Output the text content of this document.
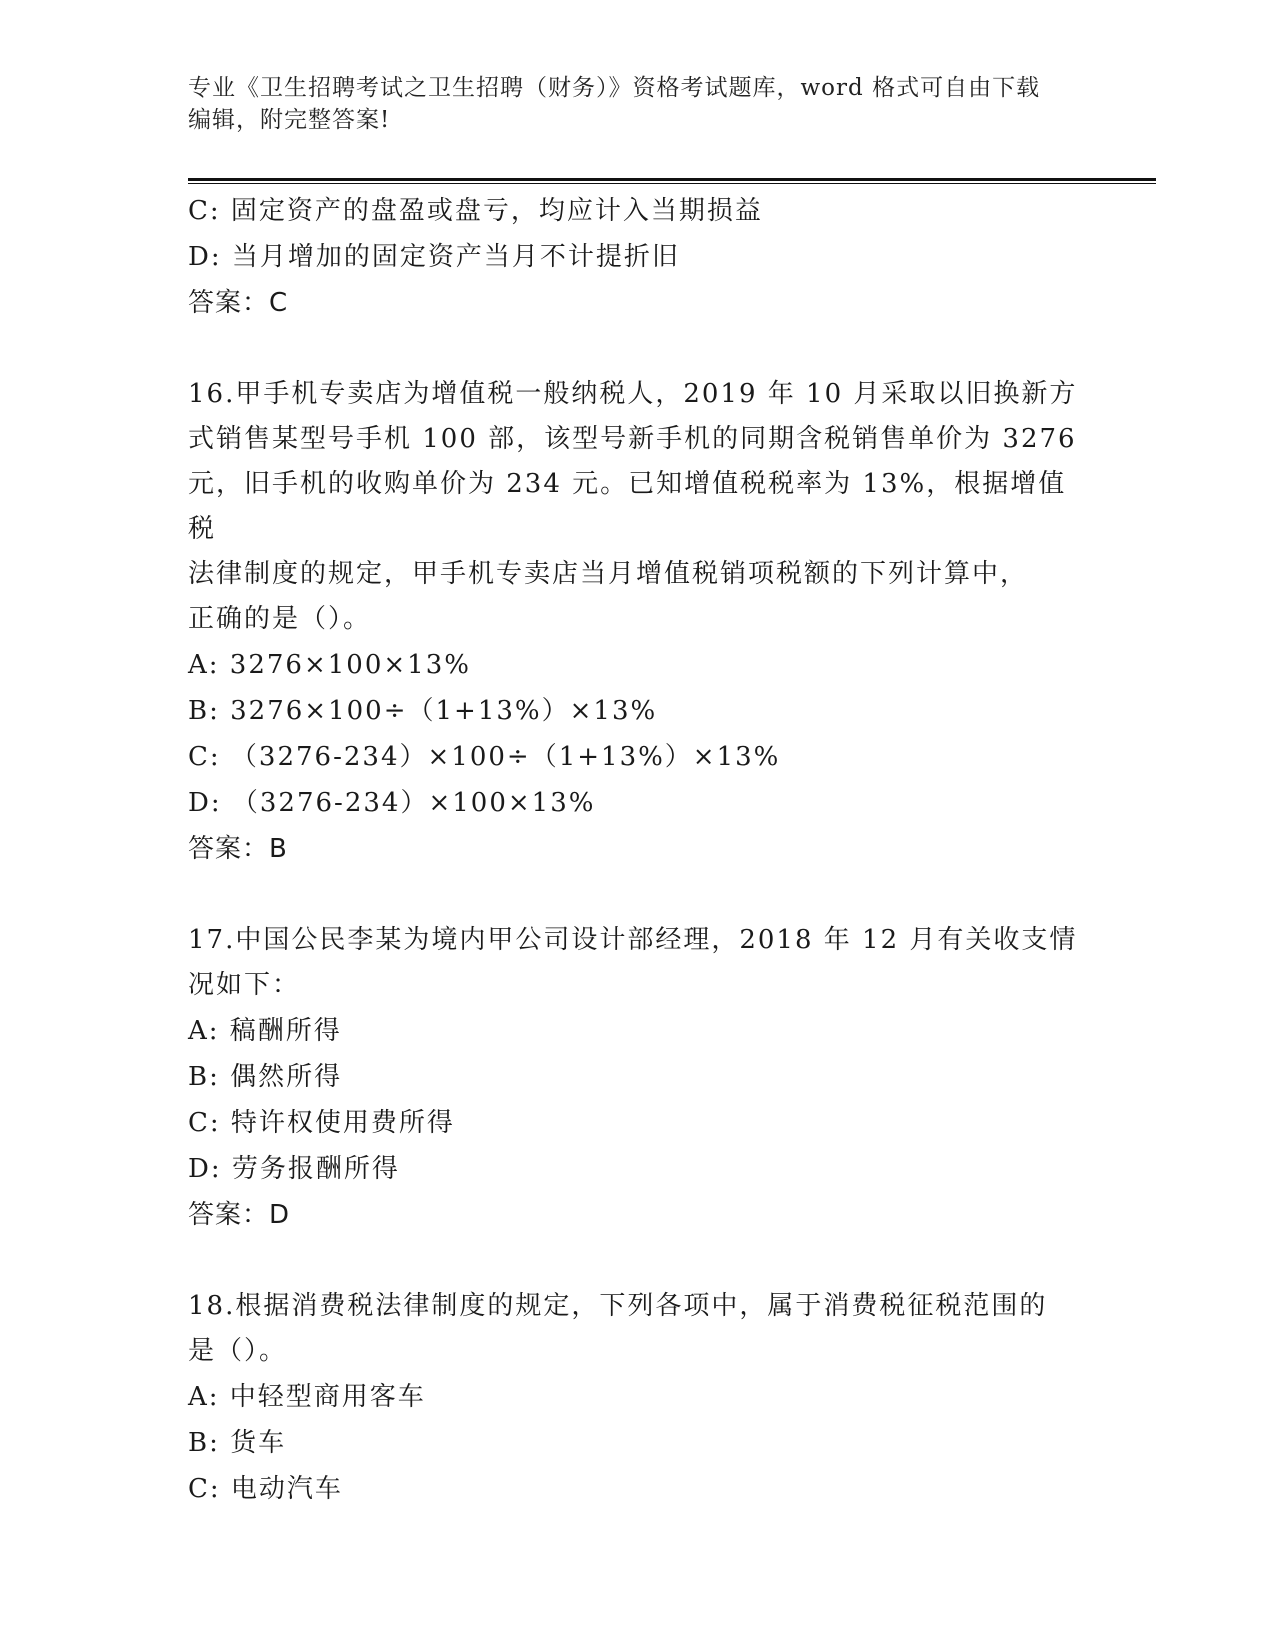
专业《卫生招聘考试之卫生招聘（财务）》资格考试题库，word 格式可自由下载
编辑，附完整答案!
C: 固定资产的盘盈或盘亏，均应计入当期损益
D: 当月增加的固定资产当月不计提折旧
答案：C
16.甲手机专卖店为增值税一般纳税人，2019 年 10 月采取以旧换新方
式销售某型号手机 100 部，该型号新手机的同期含税销售单价为 3276
元，旧手机的收购单价为 234 元。已知增值税税率为 13%，根据增值税
法律制度的规定，甲手机专卖店当月增值税销项税额的下列计算中，
正确的是（）。
A: 3276×100×13%
B: 3276×100÷（1+13%）×13%
C: （3276-234）×100÷（1+13%）×13%
D: （3276-234）×100×13%
答案：B
17.中国公民李某为境内甲公司设计部经理，2018 年 12 月有关收支情
况如下：
A: 稿酬所得
B: 偶然所得
C: 特许权使用费所得
D: 劳务报酬所得
答案：D
18.根据消费税法律制度的规定，下列各项中，属于消费税征税范围的
是（）。
A: 中轻型商用客车
B: 货车
C: 电动汽车
